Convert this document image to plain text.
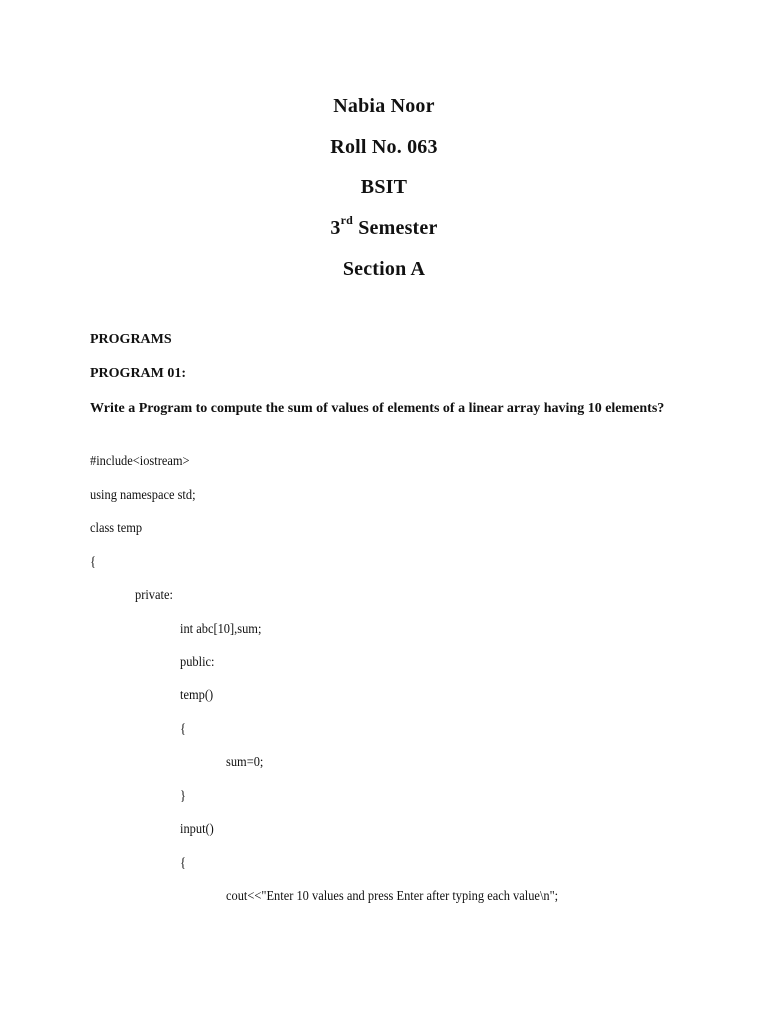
Nabia Noor
Roll No. 063
BSIT
3rd Semester
Section A
PROGRAMS
PROGRAM 01:
Write a Program to compute the sum of values of elements of a linear array having 10 elements?
#include<iostream>
using namespace std;
class temp
{
private:
int abc[10],sum;
public:
temp()
{
sum=0;
}
input()
{
cout<<"Enter 10 values and press Enter after typing each value\n";
